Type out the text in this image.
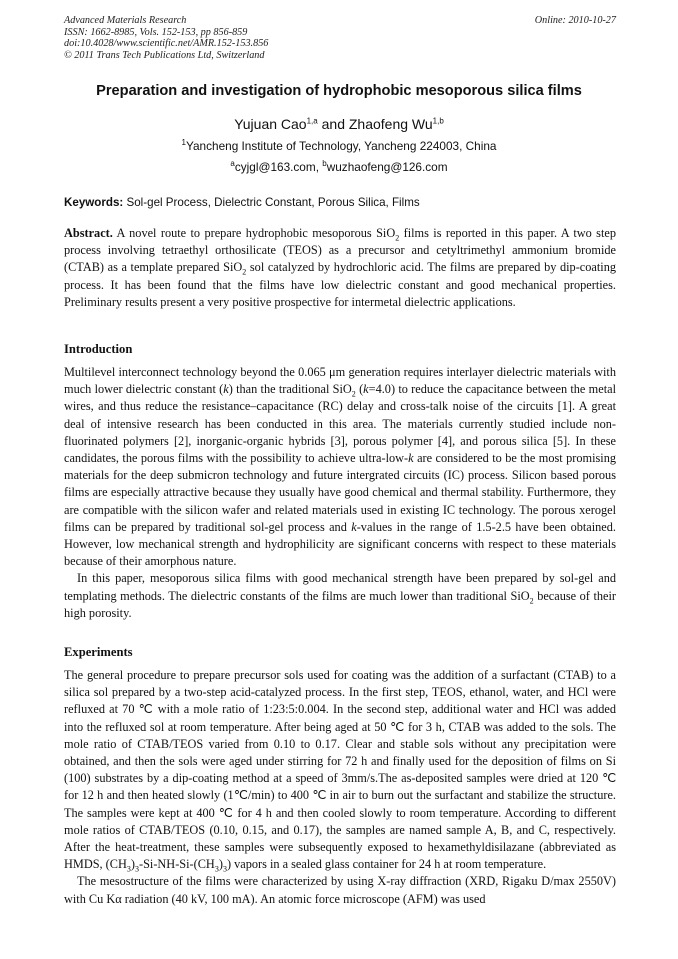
Advanced Materials Research
ISSN: 1662-8985, Vols. 152-153, pp 856-859
doi:10.4028/www.scientific.net/AMR.152-153.856
© 2011 Trans Tech Publications Ltd, Switzerland
Online: 2010-10-27
Preparation and investigation of hydrophobic mesoporous silica films
Yujuan Cao$^{1,a}$ and Zhaofeng Wu$^{1,b}$
$^1$Yancheng Institute of Technology, Yancheng 224003, China
$^a$cyjgl@163.com, $^b$wuzhaofeng@126.com
Keywords: Sol-gel Process, Dielectric Constant, Porous Silica, Films

Abstract. A novel route to prepare hydrophobic mesoporous SiO$_2$ films is reported in this paper. A two step process involving tetraethyl orthosilicate (TEOS) as a precursor and cetyltrimethyl ammonium bromide (CTAB) as a template prepared SiO$_2$ sol catalyzed by hydrochloric acid. The films are prepared by dip-coating process. It has been found that the films have low dielectric constant and good mechanical properties. Preliminary results present a very positive prospective for intermetal dielectric applications.

Introduction

Multilevel interconnect technology beyond the 0.065 μm generation requires interlayer dielectric materials with much lower dielectric constant (k) than the traditional SiO$_2$ (k=4.0) to reduce the capacitance between the metal wires, and thus reduce the resistance–capacitance (RC) delay and cross-talk noise of the circuits [1]. A great deal of intensive research has been conducted in this area. The materials currently studied include non-fluorinated polymers [2], inorganic-organic hybrids [3], porous polymer [4], and porous silica [5]. In these candidates, the porous films with the possibility to achieve ultra-low-k are considered to be the most promising materials for the deep submicron technology and future intergrated circuits (IC) process. Silicon based porous films are especially attractive because they usually have good chemical and thermal stability. Furthermore, they are compatible with the silicon wafer and related materials used in existing IC technology. The porous xerogel films can be prepared by traditional sol-gel process and k-values in the range of 1.5-2.5 have been obtained. However, low mechanical strength and hydrophilicity are significant concerns with respect to these materials because of their amorphous nature.

In this paper, mesoporous silica films with good mechanical strength have been prepared by sol-gel and templating methods. The dielectric constants of the films are much lower than traditional SiO$_2$ because of their high porosity.

Experiments

The general procedure to prepare precursor sols used for coating was the addition of a surfactant (CTAB) to a silica sol prepared by a two-step acid-catalyzed process. In the first step, TEOS, ethanol, water, and HCl were refluxed at 70 ℃ with a mole ratio of 1:23:5:0.004. In the second step, additional water and HCl was added into the refluxed sol at room temperature. After being aged at 50 ℃ for 3 h, CTAB was added to the sols. The mole ratio of CTAB/TEOS varied from 0.10 to 0.17. Clear and stable sols without any precipitation were obtained, and then the sols were aged under stirring for 72 h and finally used for the deposition of films on Si (100) substrates by a dip-coating method at a speed of 3mm/s.The as-deposited samples were dried at 120 ℃ for 12 h and then heated slowly (1℃/min) to 400 ℃ in air to burn out the surfactant and stabilize the structure. The samples were kept at 400 ℃ for 4 h and then cooled slowly to room temperature. According to different mole ratios of CTAB/TEOS (0.10, 0.15, and 0.17), the samples are named sample A, B, and C, respectively. After the heat-treatment, these samples were subsequently exposed to hexamethyldisilazane (abbreviated as HMDS, $(CH_3)_3-Si-NH-Si-(CH_3)_3$) vapors in a sealed glass container for 24 h at room temperature.

The mesostructure of the films were characterized by using X-ray diffraction (XRD, Rigaku D/max 2550V) with Cu Kα radiation (40 kV, 100 mA). An atomic force microscope (AFM) was used
